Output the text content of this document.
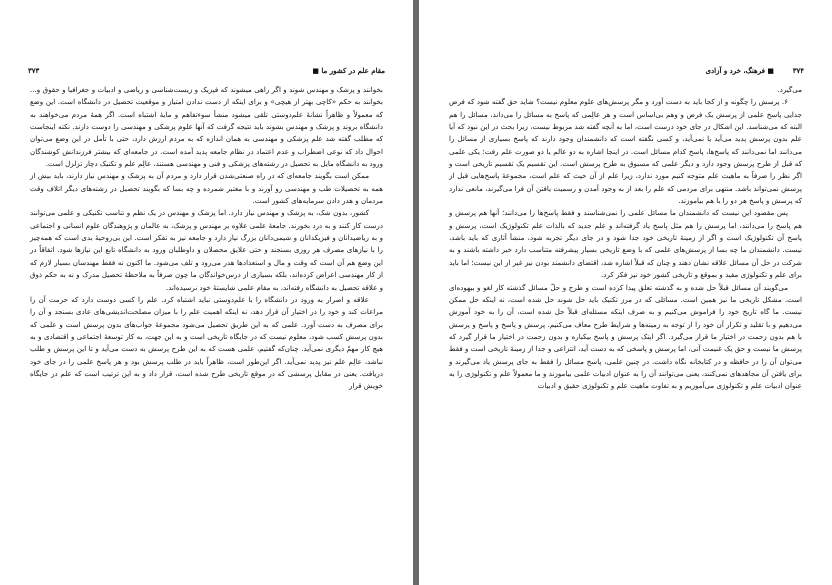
مقام علم در کشور ما ■
۳۷۳

بخوانند و پزشک و مهندس شوند و اگر راهی میشوند که فیزیک و زیست‌شناسی و ریاضی و ادبیات و جغرافیا و حقوق و... بخوانند به حکم «کاچی بهتر از هیچی» و برای اینکه از دست ندادن امتیاز و موقعیت تحصیل در دانشگاه است. این وضع که معمولاً و ظاهراً نشانهٔ علم‌دوستی تلقی میشود منشأ سوءتفاهم و مایهٔ اشتباه است. اگر همهٔ مردم می‌خواهند به دانشگاه بروند و پزشک و مهندس بشوند باید نتیجه گرفت که آنها علوم پزشکی و مهندسی را دوست دارند. نکته اینجاست که مطلب گفته شد علم پزشکی و مهندسی به همان اندازه که به مردم ارزش دارد، حتی با تأمل در این وضع می‌توان احوال داد که نوعی اضطراب و عدم اعتماد در نظام جامعه پدید آمده است. در جامعه‌ای که بیشتر فرزندانش کوشندگان ورود به دانشگاه مایل به تحصیل در رشته‌های پزشکی و فنی و مهندسی هستند، عالِم علم و تکنیک دچار تزلزل است.

ممکن است بگویند جامعه‌ای که در راه صنعتی‌شدن قرار دارد و مردم آن به پزشک و مهندس نیاز دارند، باید بیش از همه به تحصیلات طب و مهندسی رو آورند و با معتبر شمرده و چه بسا که بگویند تحصیل در رشته‌های دیگر اتلاف وقت مردمان و هدر دادن سرمایه‌های کشور است.

کشور، بدون شک، به پزشک و مهندس نیاز دارد. اما پزشک و مهندس در یک نظم و تناسب تکنیکی و علمی می‌توانند درست کار کنند و به درد بخورند. جامعهٔ علمی علاوه بر مهندس و پزشک، به عالمان و پژوهندگان علوم انسانی و اجتماعی و به ریاضیدانان و فیزیکدانان و شیمی‌دانان بزرگ نیاز دارد و جامعه نیز به تفکر است. این بی‌روحیهٔ بدی است که همه‌چیز را با نیازهای مصرف هر روزی بسنجند و حتی علایق محصلان و داوطلبان ورود به دانشگاه تابع این نیازها شود. اتفاقاً در این وضع هم آن است که وقت و مال و استعدادها هدر می‌رود و تلف می‌شود. ما اکنون نه فقط مهندسان بسیار لازم که از کار مهندسی اعراض کرده‌اند، بلکه بسیاری از درس‌خواندگان ما چون صرفاً به ملاحظهٔ تحصیل مدرک و نه به حکم ذوق و علاقه تحصیل به دانشگاه رفته‌اند، به مقام علمی شایستهٔ خود نرسیده‌اند.

علاقه و اصرار به ورود در دانشگاه را با علم‌دوستی نباید اشتباه کرد. علم را کسی دوست دارد که حرمت آن را مراعات کند و خود را در اختیار آن قرار دهد، نه اینکه اهمیت علم را با میزان مصلحت‌اندیشی‌های عادی بسنجد و آن را برای مصرف به دست آورد. علمی که به این طریق تحصیل می‌شود مجموعهٔ جواب‌های بدون پرسش است و علمی که بدون پرسش کسب شود، معلوم نیست که در جایگاه تاریخی است و به این جهت، به کار توسعهٔ اجتماعی و اقتصادی و به هیچ کار مهمّ دیگری نمی‌آید. چنان‌که گفتیم، علمی هست که به این طرح پرسش به دست می‌آید و تا این پرسش و طلب نباشد، عالِم علم نیز پدید نمی‌آید. اگر این‌طور است، ظاهراً باید در طلب پرسش بود و هر پاسخ علمی را در جای خود دریافت. یعنی در مقابل پرسشی که در موقع تاریخی طرح شده است، قرار داد و به این ترتیب است که علم در جایگاه خویش قرار

۳۷۴
■ فرهنگ، خرد و آزادی

می‌گیرد.

۶. پرسش را چگونه و از کجا باید به دست آورد و مگر پرسش‌های علوم معلوم نیست؟ شاید حق گفته شود که فرض جدایی پاسخ علمی از پرسش یک فرض و وهم بی‌اساس است و هر عالِمی که پاسخ به مسائل را می‌داند، مسائل را هم البته که می‌شناسد. این اشکال در جای خود درست است، اما به آنچه گفته شد مربوط نیست، زیرا بحث در این نبود که آیا علم بدون پرسش پدید می‌آید یا نمی‌آید، و کسی نگفته است که دانشمندان وجود دارند که پاسخ بسیاری از مسائل را می‌دانند اما نمی‌دانند که پاسخ‌ها، پاسخ کدام مسائل است. در اینجا اشاره به دو عالم یا دو صورت علم رفت؛ یکی علمی که قبل از طرح پرسش وجود دارد و دیگر علمی که مسبوق به طرح پرسش است. این تقسیم یک تقسیم تاریخی است و اگر نظر را صرفاً به ماهیت علم متوجه کنیم مورد ندارد، زیرا علم از آن حیث که علم است، مجموعهٔ پاسخ‌هایی قبل از پرسش نمی‌تواند باشد. منتهی برای مردمی که علم را بعد از به وجود آمدن و رسمیت یافتن آن فرا می‌گیرند، مانعی ندارد که پرسش و پاسخ هر دو را با هم بیاموزند.

پس مقصود این نیست که دانشمندان ما مسائل علمی را نمی‌شناسند و فقط پاسخ‌ها را می‌دانند؛ آنها هم پرسش و هم پاسخ را می‌دانند، اما پرسش را هم مثل پاسخ یاد گرفته‌اند و علم جدید که بالذات علم تکنولوژیک است، پرسش و پاسخ آن تکنولوژیک است و اگر از زمینهٔ تاریخی خود جدا شود و در جای دیگر تجربه شود، منشأ آثاری که باید باشد، نیست. دانشمندان ما چه بسا از پرسش‌های علمی که با وضع تاریخی بسیار پیشرفته متناسب دارد خبر داشته باشند و به شرکت در حل آن مسائل علاقه نشان دهند و چنان که قبلاً اشاره شد، اقتضای دانشمند بودن نیز غیر از این نیست؛ اما باید برای علم و تکنولوژی مفید و بموقع و تاریخی کشور خود نیز فکر کرد.

می‌گویند آن مسائل قبلاً حل شده و به گذشته تعلق پیدا کرده است و طرح و حلّ مسائل گذشته کار لغو و بیهوده‌ای است. مشکل تاریخی ما نیز همین است. مسائلی که در مرز تکنیک باید حل شوند حل شده است، نه اینکه حل ممکن نیست. ما گاه تاریخ خود را فراموش می‌کنیم و به صرف اینکه مسئله‌ای قبلاً حل شده است، آن را به خود آموزش می‌دهیم و با تقلید و تکرار آن خود را از توجه به زمینه‌ها و شرایط طرح معاف می‌کنیم. پرسش و پاسخ و پاسخ و پرسش با هم بدون زحمت در اختیار ما قرار می‌گیرد. اگر اینک پرسش و پاسخ بیکباره و بدون زحمت در اختیار ما قرار گیرد که پرسش ما نیست و حق یک غنیمت آنی، اما پرسش و پاسخی که به دست آید، انتزاعی و جدا از زمینهٔ تاریخی است و فقط می‌توان آن را در حافظه و در کتابخانه نگاه داشت. در چنین علمی، پاسخ مسائل را فقط به جای پرسش یاد می‌گیرند و برای یافتن آن مجاهدهای نمی‌کنند، یعنی می‌توانند آن را به عنوان ادبیات علمی بیاموزند و ما معمولاً علم و تکنولوژی را به عنوان ادبیات علم و تکنولوژی می‌آموزیم و به تفاوت ماهیت علم و تکنولوژی حقیق و ادبیات
